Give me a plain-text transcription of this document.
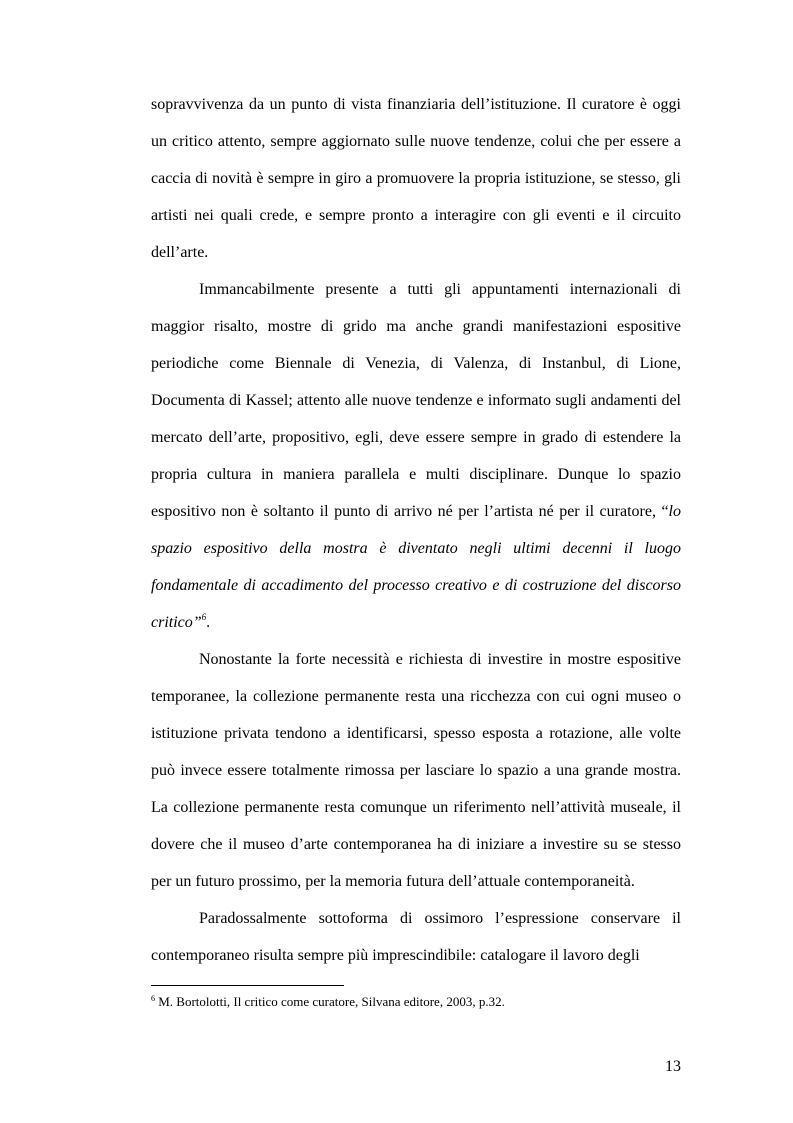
sopravvivenza da un punto di vista finanziaria dell’istituzione. Il curatore è oggi un critico attento, sempre aggiornato sulle nuove tendenze, colui che per essere a caccia di novità è sempre in giro a promuovere la propria istituzione, se stesso, gli artisti nei quali crede, e sempre pronto a interagire con gli eventi e il circuito dell’arte.

Immancabilmente presente a tutti gli appuntamenti internazionali di maggior risalto, mostre di grido ma anche grandi manifestazioni espositive periodiche come Biennale di Venezia, di Valenza, di Instanbul, di Lione, Documenta di Kassel; attento alle nuove tendenze e informato sugli andamenti del mercato dell’arte, propositivo, egli, deve essere sempre in grado di estendere la propria cultura in maniera parallela e multi disciplinare. Dunque lo spazio espositivo non è soltanto il punto di arrivo né per l’artista né per il curatore, “lo spazio espositivo della mostra è diventato negli ultimi decenni il luogo fondamentale di accadimento del processo creativo e di costruzione del discorso critico”$^6$.

Nonostante la forte necessità e richiesta di investire in mostre espositive temporanee, la collezione permanente resta una ricchezza con cui ogni museo o istituzione privata tendono a identificarsi, spesso esposta a rotazione, alle volte può invece essere totalmente rimossa per lasciare lo spazio a una grande mostra. La collezione permanente resta comunque un riferimento nell’attività museale, il dovere che il museo d’arte contemporanea ha di iniziare a investire su se stesso per un futuro prossimo, per la memoria futura dell’attuale contemporaneità.

Paradossalmente sottoforma di ossimoro l’espressione conservare il contemporaneo risulta sempre più imprescindibile: catalogare il lavoro degli

$^6$ M. Bortolotti, Il critico come curatore, Silvana editore, 2003, p.32.
13
